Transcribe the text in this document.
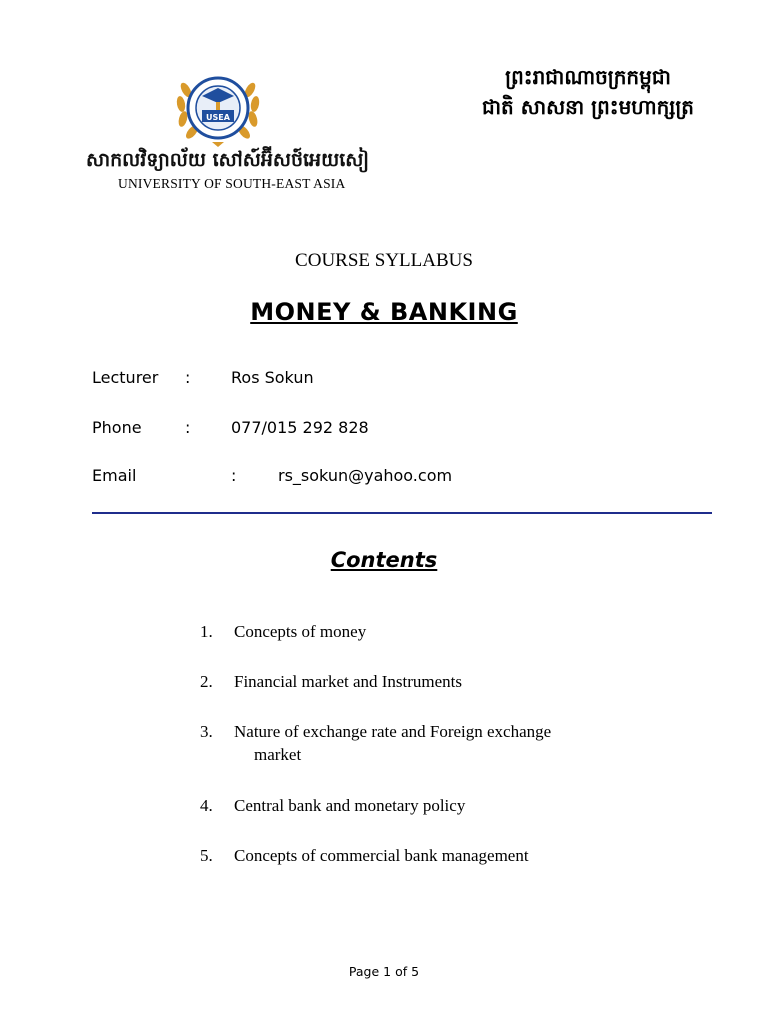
USEA
សាកលវិទ្យាល័យ សៅស៍អ៊ីសថ៍អេយសៀ
UNIVERSITY OF SOUTH-EAST ASIA
ព្រះរាជាណាចក្រកម្ពុជា
ជាតិ សាសនា ព្រះមហាក្សត្រ
COURSE SYLLABUS
MONEY & BANKING
Lecturer :	Ros Sokun
Phone	:	077/015 292 828
Email	:	rs_sokun@yahoo.com
Contents
1. Concepts of money
2. Financial market and Instruments
3. Nature of exchange rate and Foreign exchange
market
4. Central bank and monetary policy
5. Concepts of commercial bank management
Page 1 of 5
